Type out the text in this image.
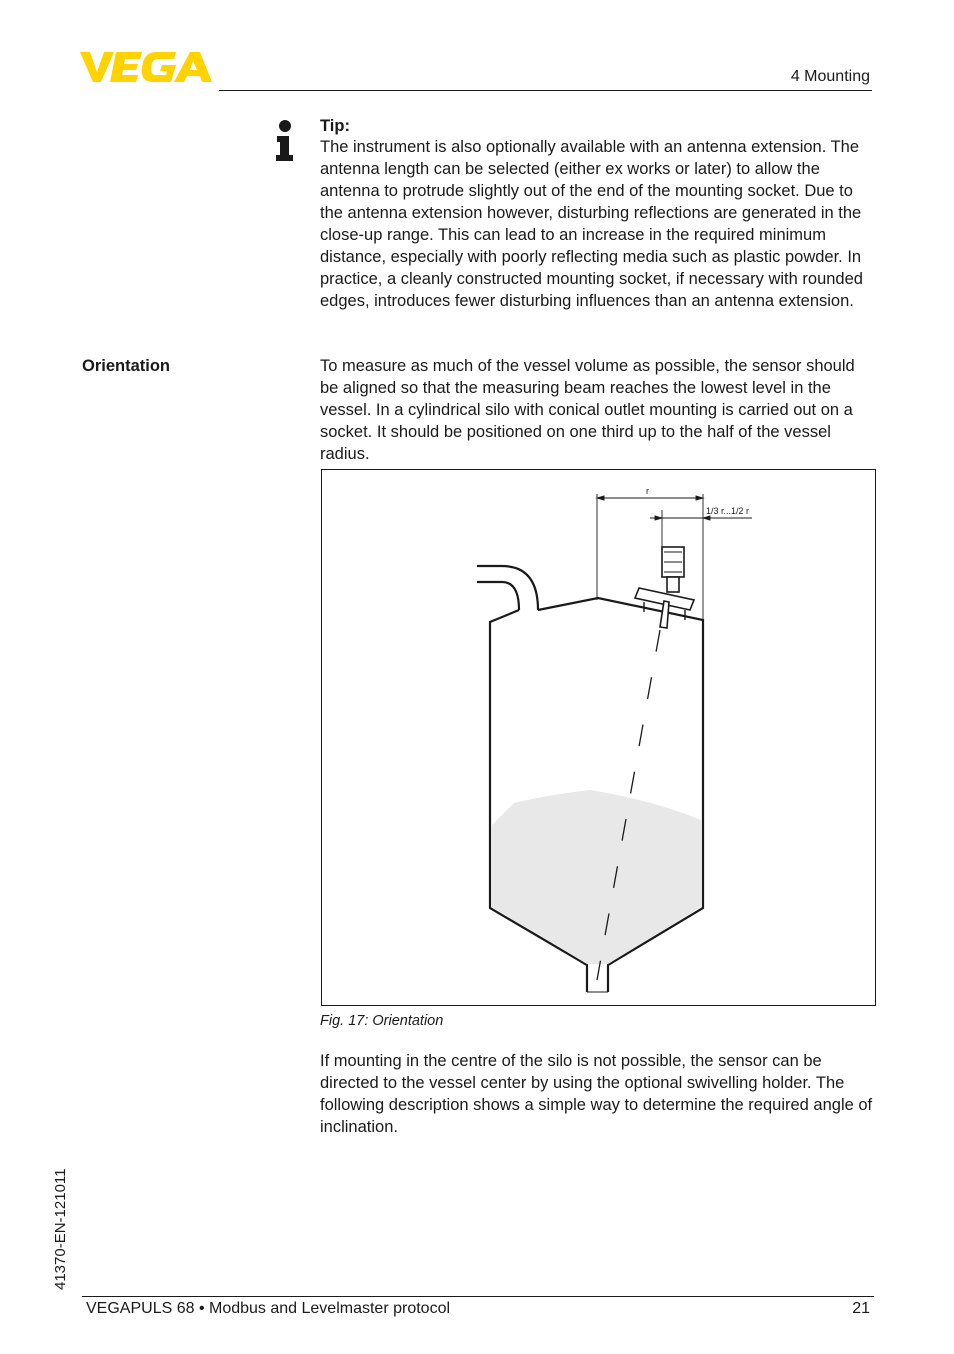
4 Mounting
Tip:
The instrument is also optionally available with an antenna extension. The antenna length can be selected (either ex works or later) to allow the antenna to protrude slightly out of the end of the mounting socket. Due to the antenna extension however, disturbing reflections are generated in the close-up range. This can lead to an increase in the required minimum distance, especially with poorly reflecting media such as plastic powder. In practice, a cleanly constructed mounting socket, if necessary with rounded edges, introduces fewer disturbing influences than an antenna extension.
Orientation	To measure as much of the vessel volume as possible, the sensor should be aligned so that the measuring beam reaches the lowest level in the vessel. In a cylindrical silo with conical outlet mounting is carried out on a socket. It should be positioned on one third up to the half of the vessel radius.
r
1/3 r...1/2 r
Fig. 17: Orientation
If mounting in the centre of the silo is not possible, the sensor can be directed to the vessel center by using the optional swivelling holder. The following description shows a simple way to determine the required angle of inclination.
41370-EN-121011
VEGAPULS 68 • Modbus and Levelmaster protocol	21
